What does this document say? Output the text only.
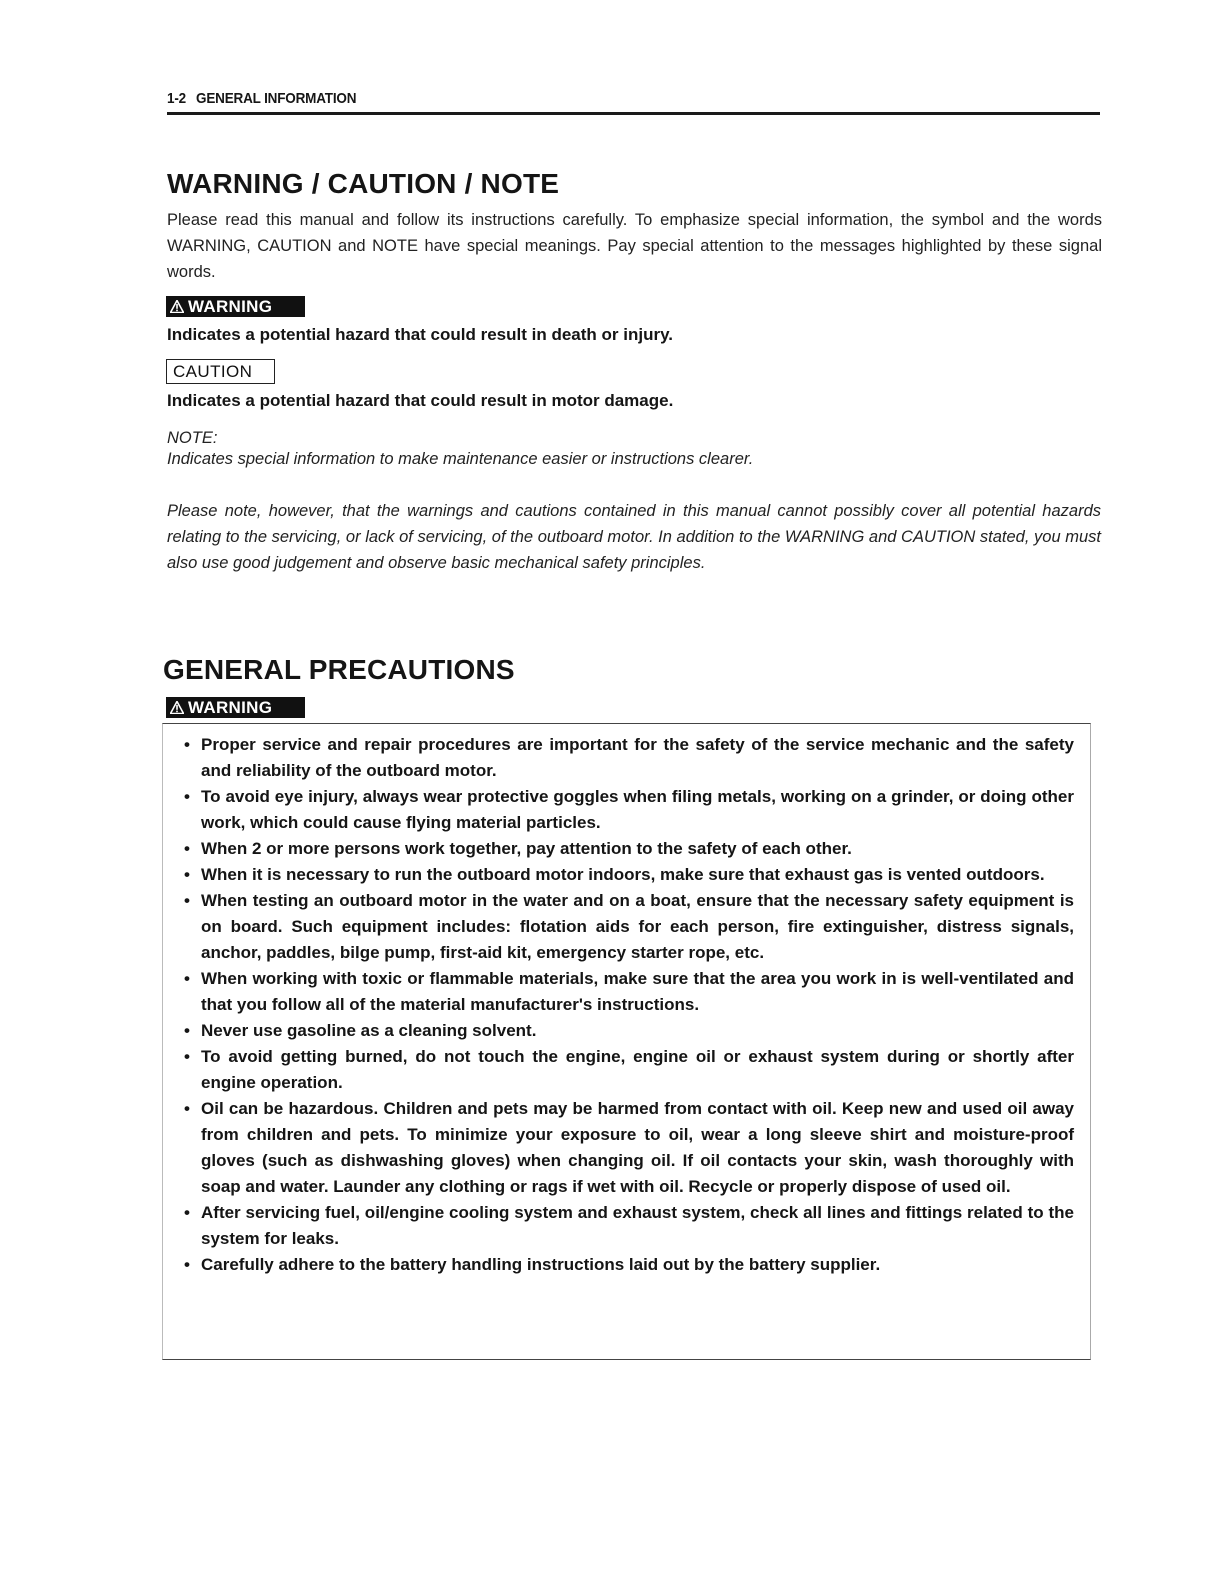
1-2 GENERAL INFORMATION
WARNING / CAUTION / NOTE

Please read this manual and follow its instructions carefully. To emphasize special information, the symbol and the words WARNING, CAUTION and NOTE have special meanings. Pay special attention to the messages highlighted by these signal words.

WARNING
Indicates a potential hazard that could result in death or injury.
CAUTION
Indicates a potential hazard that could result in motor damage.
NOTE:
Indicates special information to make maintenance easier or instructions clearer.

Please note, however, that the warnings and cautions contained in this manual cannot possibly cover all potential hazards relating to the servicing, or lack of servicing, of the outboard motor. In addition to the WARNING and CAUTION stated, you must also use good judgement and observe basic mechanical safety principles.

GENERAL PRECAUTIONS
WARNING
• Proper service and repair procedures are important for the safety of the service mechanic and the safety and reliability of the outboard motor.
• To avoid eye injury, always wear protective goggles when filing metals, working on a grinder, or doing other work, which could cause flying material particles.
• When 2 or more persons work together, pay attention to the safety of each other.
• When it is necessary to run the outboard motor indoors, make sure that exhaust gas is vented outdoors.
• When testing an outboard motor in the water and on a boat, ensure that the necessary safety equipment is on board. Such equipment includes: flotation aids for each person, fire extinguisher, distress signals, anchor, paddles, bilge pump, first-aid kit, emergency starter rope, etc.
• When working with toxic or flammable materials, make sure that the area you work in is well-ventilated and that you follow all of the material manufacturer's instructions.
• Never use gasoline as a cleaning solvent.
• To avoid getting burned, do not touch the engine, engine oil or exhaust system during or shortly after engine operation.
• Oil can be hazardous. Children and pets may be harmed from contact with oil. Keep new and used oil away from children and pets. To minimize your exposure to oil, wear a long sleeve shirt and moisture-proof gloves (such as dishwashing gloves) when changing oil. If oil contacts your skin, wash thoroughly with soap and water. Launder any clothing or rags if wet with oil. Recycle or properly dispose of used oil.
• After servicing fuel, oil/engine cooling system and exhaust system, check all lines and fittings related to the system for leaks.
• Carefully adhere to the battery handling instructions laid out by the battery supplier.
